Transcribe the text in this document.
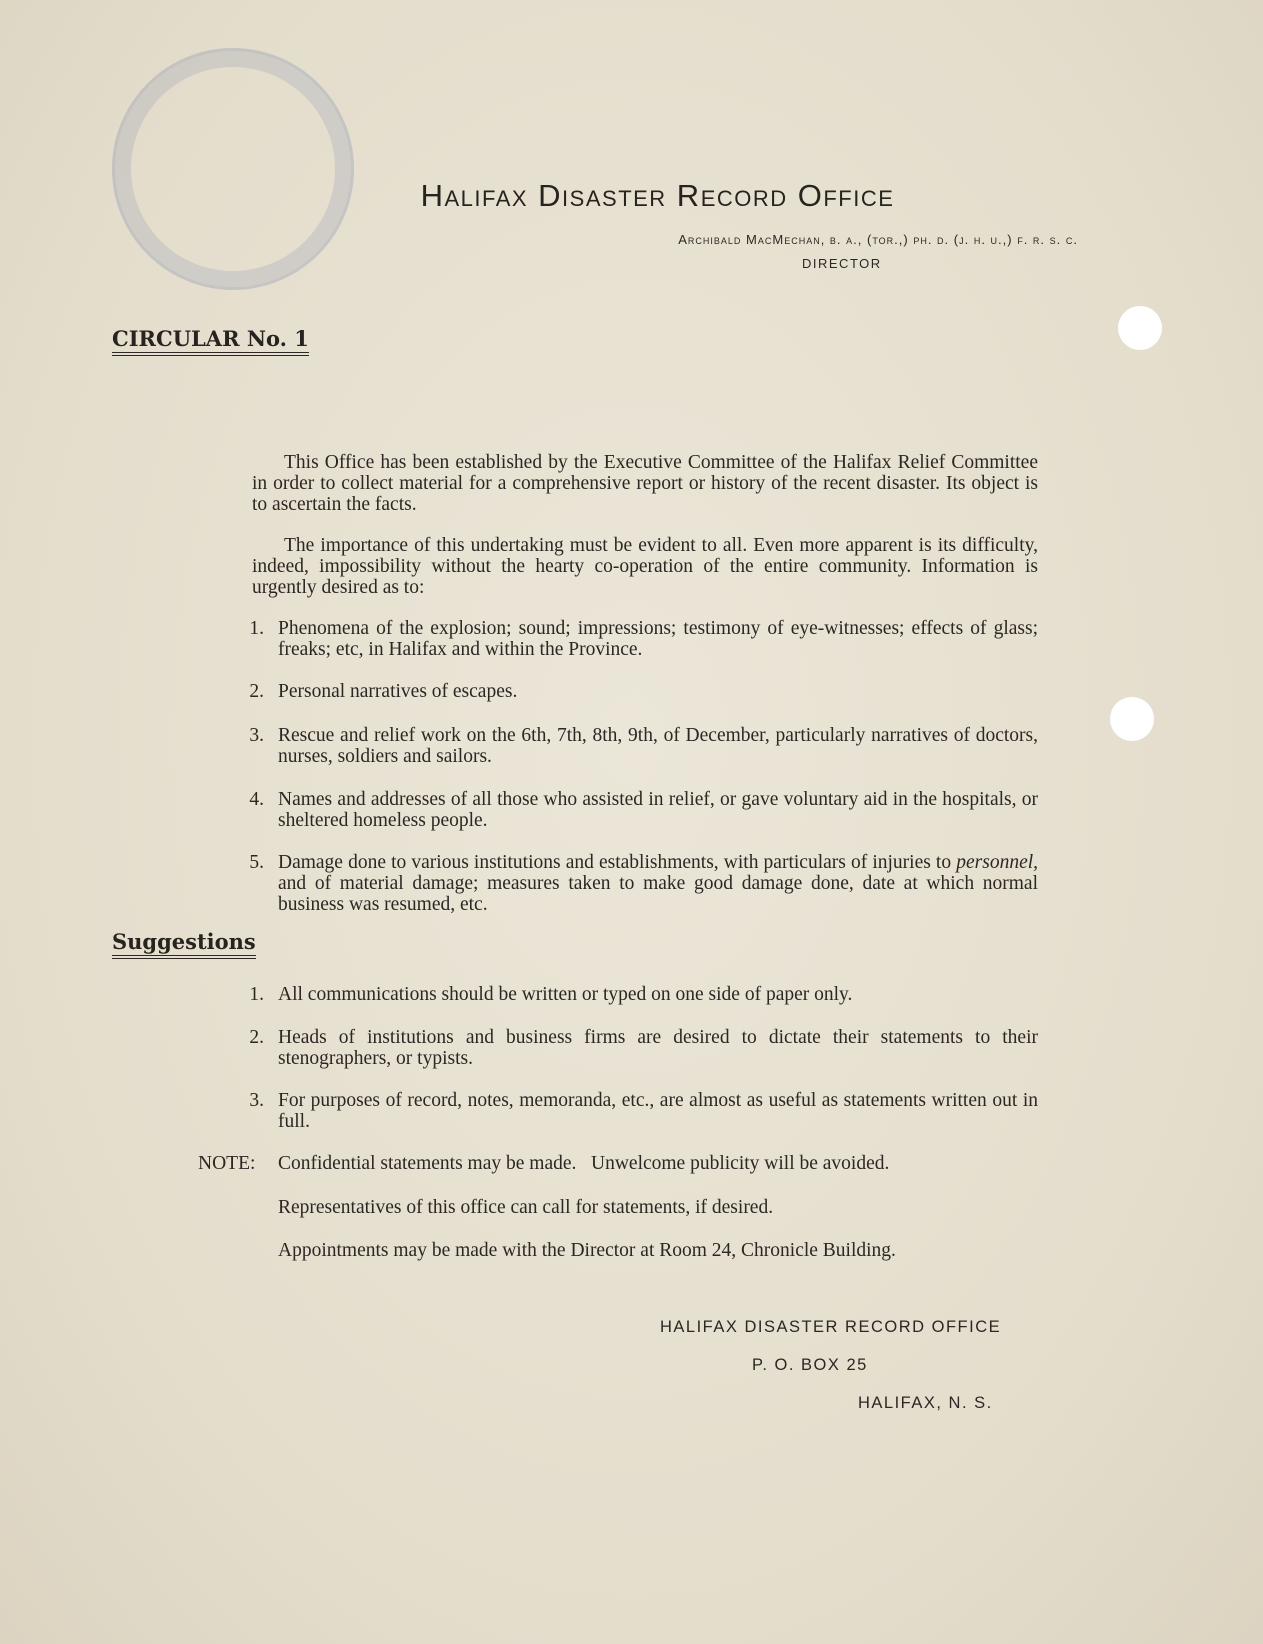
Halifax Disaster Record Office
Archibald MacMechan, b. a., (tor.,) ph. d. (j. h. u.,) f. r. s. c.
DIRECTOR
CIRCULAR No. 1
This Office has been established by the Executive Committee of the Halifax Relief Committee in order to collect material for a comprehensive report or history of the recent disaster. Its object is to ascertain the facts.
The importance of this undertaking must be evident to all. Even more apparent is its difficulty, indeed, impossibility without the hearty co-operation of the entire community. Information is urgently desired as to:
1. Phenomena of the explosion; sound; impressions; testimony of eye-witnesses; effects of glass; freaks; etc, in Halifax and within the Province.
2. Personal narratives of escapes.
3. Rescue and relief work on the 6th, 7th, 8th, 9th, of December, particularly narratives of doctors, nurses, soldiers and sailors.
4. Names and addresses of all those who assisted in relief, or gave voluntary aid in the hospitals, or sheltered homeless people.
5. Damage done to various institutions and establishments, with particulars of injuries to personnel, and of material damage; measures taken to make good damage done, date at which normal business was resumed, etc.
Suggestions
1. All communications should be written or typed on one side of paper only.
2. Heads of institutions and business firms are desired to dictate their statements to their stenographers, or typists.
3. For purposes of record, notes, memoranda, etc., are almost as useful as statements written out in full.
NOTE: Confidential statements may be made.   Unwelcome publicity will be avoided.
Representatives of this office can call for statements, if desired.
Appointments may be made with the Director at Room 24, Chronicle Building.
HALIFAX DISASTER RECORD OFFICE
P. O. BOX 25
HALIFAX, N. S.
